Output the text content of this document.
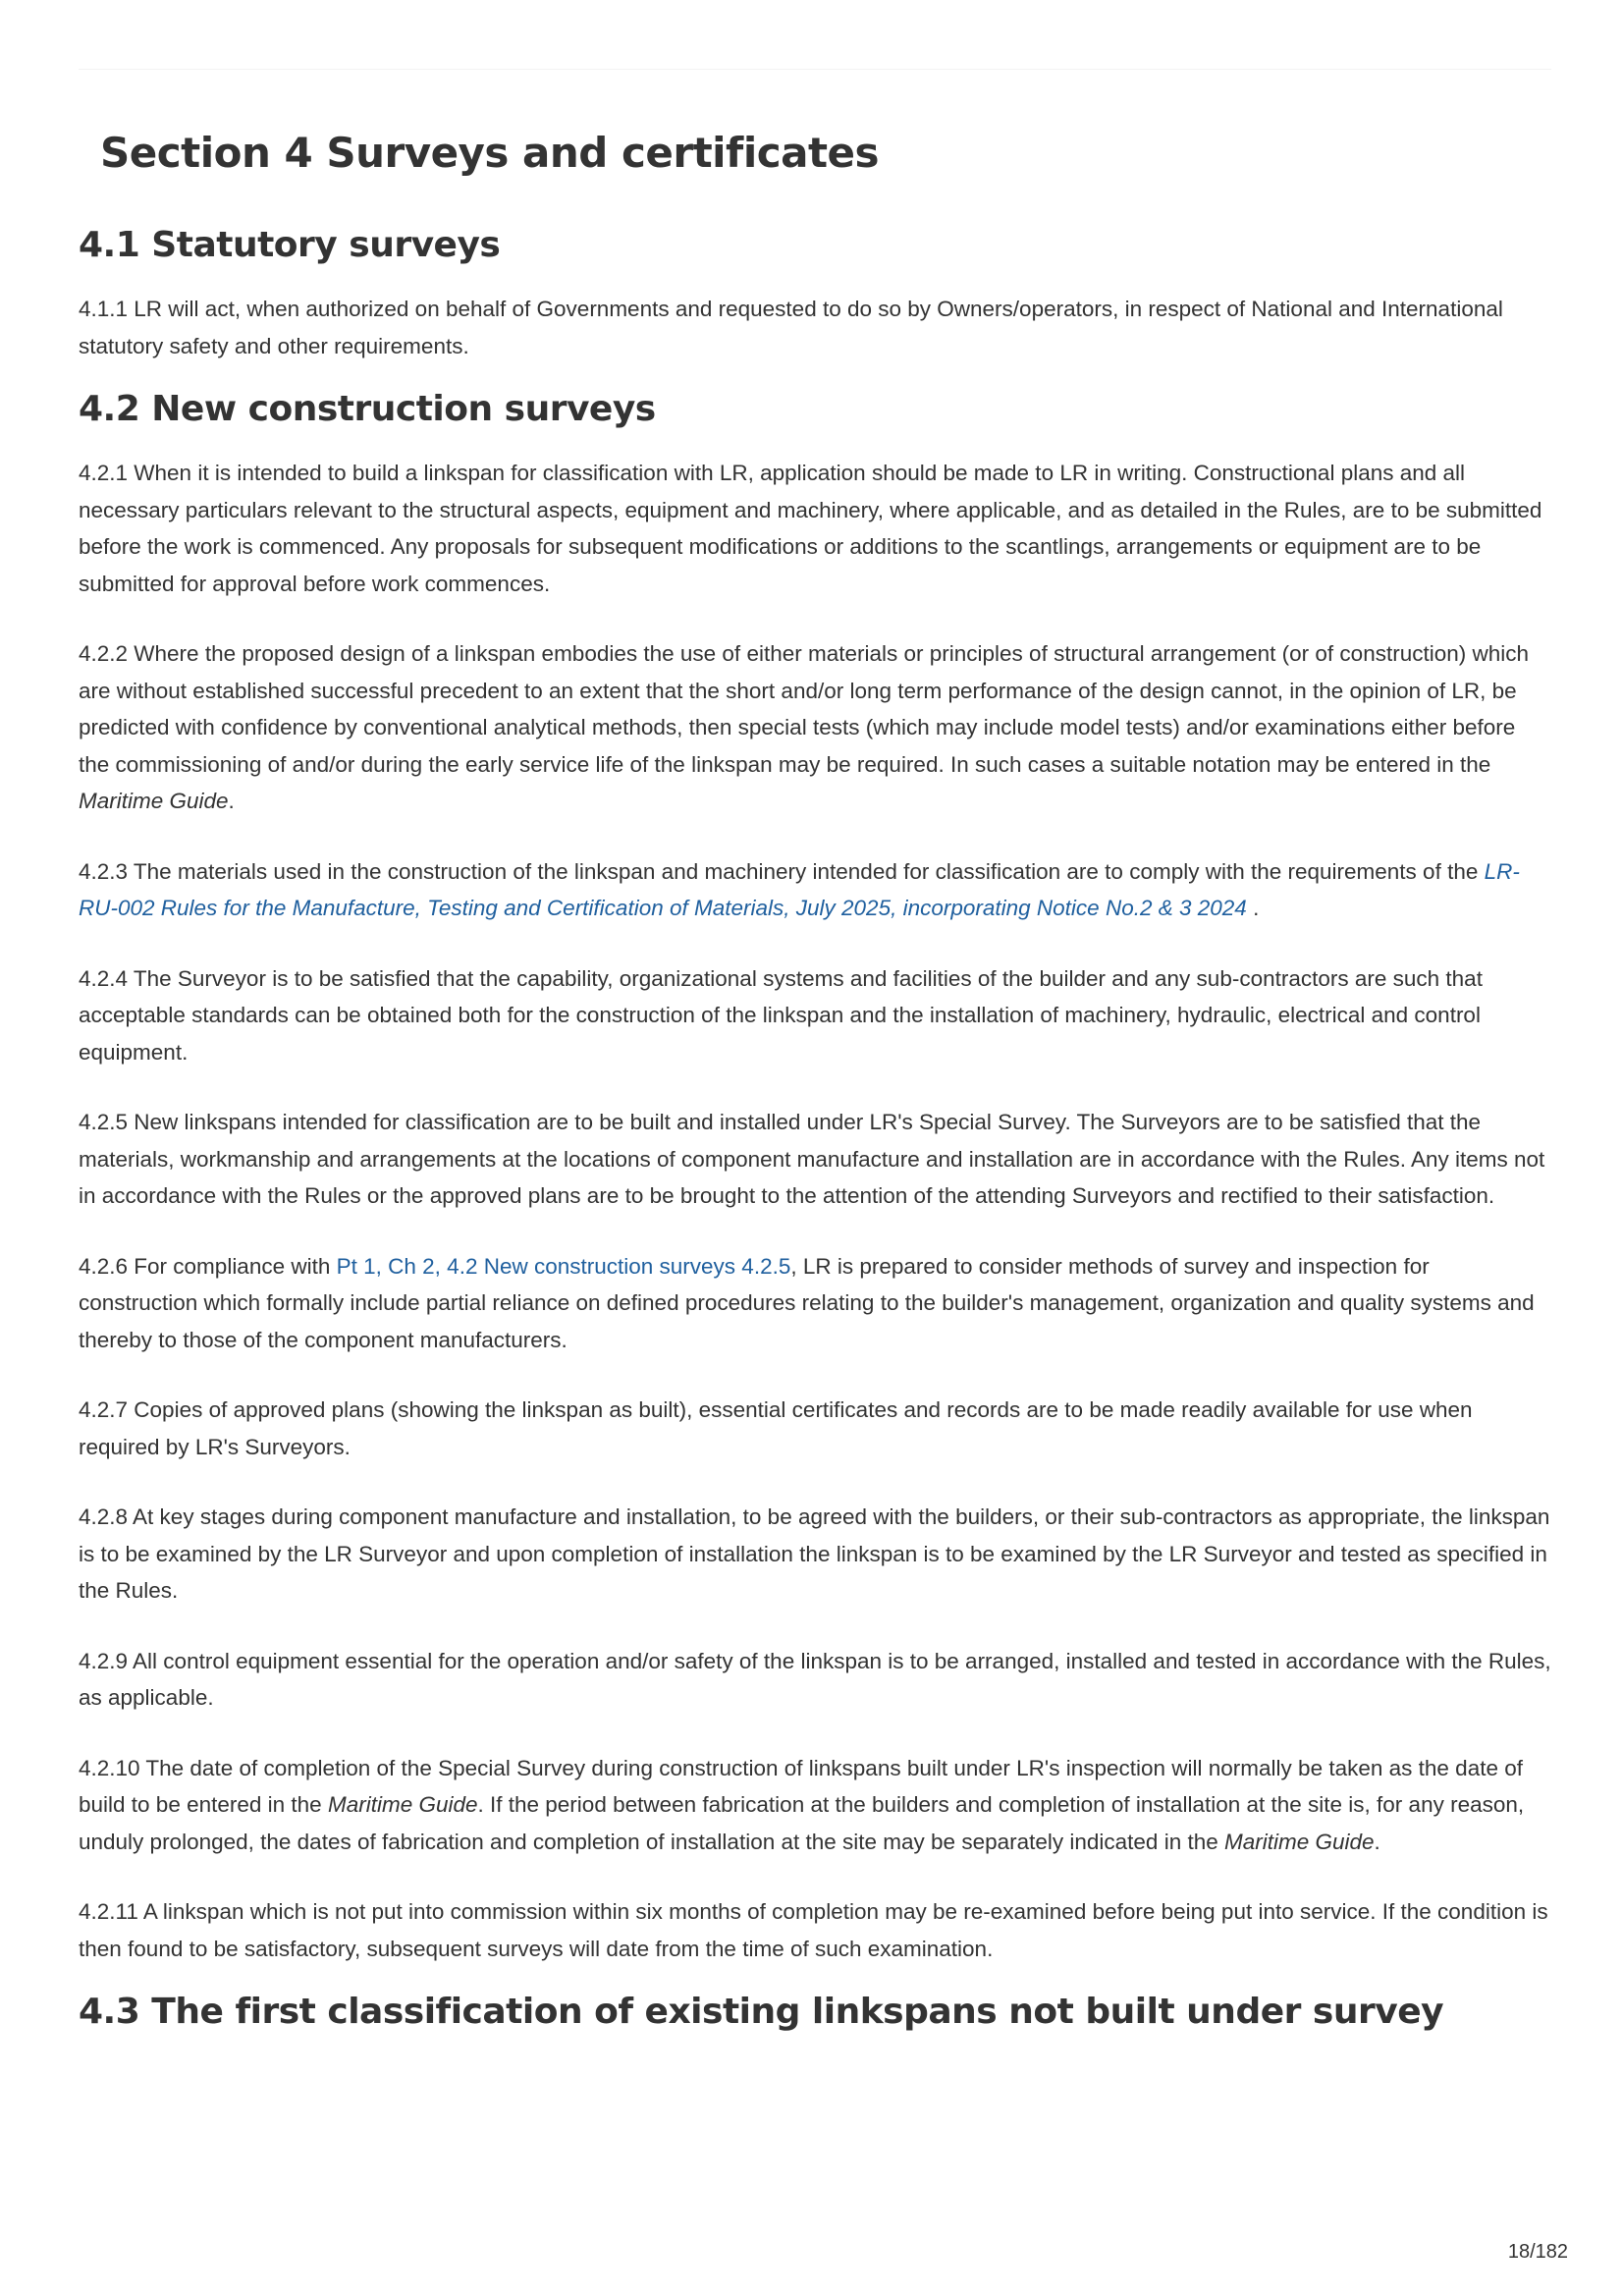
Section 4 Surveys and certificates
4.1 Statutory surveys

4.1.1 LR will act, when authorized on behalf of Governments and requested to do so by Owners/operators, in respect of National and International statutory safety and other requirements.

4.2 New construction surveys

4.2.1 When it is intended to build a linkspan for classification with LR, application should be made to LR in writing. Constructional plans and all necessary particulars relevant to the structural aspects, equipment and machinery, where applicable, and as detailed in the Rules, are to be submitted before the work is commenced. Any proposals for subsequent modifications or additions to the scantlings, arrangements or equipment are to be submitted for approval before work commences.

4.2.2 Where the proposed design of a linkspan embodies the use of either materials or principles of structural arrangement (or of construction) which are without established successful precedent to an extent that the short and/or long term performance of the design cannot, in the opinion of LR, be predicted with confidence by conventional analytical methods, then special tests (which may include model tests) and/or examinations either before the commissioning of and/or during the early service life of the linkspan may be required. In such cases a suitable notation may be entered in the Maritime Guide.

4.2.3 The materials used in the construction of the linkspan and machinery intended for classification are to comply with the requirements of the LR-RU-002 Rules for the Manufacture, Testing and Certification of Materials, July 2025, incorporating Notice No.2 & 3 2024 .

4.2.4 The Surveyor is to be satisfied that the capability, organizational systems and facilities of the builder and any sub-contractors are such that acceptable standards can be obtained both for the construction of the linkspan and the installation of machinery, hydraulic, electrical and control equipment.

4.2.5 New linkspans intended for classification are to be built and installed under LR's Special Survey. The Surveyors are to be satisfied that the materials, workmanship and arrangements at the locations of component manufacture and installation are in accordance with the Rules. Any items not in accordance with the Rules or the approved plans are to be brought to the attention of the attending Surveyors and rectified to their satisfaction.

4.2.6 For compliance with Pt 1, Ch 2, 4.2 New construction surveys 4.2.5, LR is prepared to consider methods of survey and inspection for construction which formally include partial reliance on defined procedures relating to the builder's management, organization and quality systems and thereby to those of the component manufacturers.

4.2.7 Copies of approved plans (showing the linkspan as built), essential certificates and records are to be made readily available for use when required by LR's Surveyors.

4.2.8 At key stages during component manufacture and installation, to be agreed with the builders, or their sub-contractors as appropriate, the linkspan is to be examined by the LR Surveyor and upon completion of installation the linkspan is to be examined by the LR Surveyor and tested as specified in the Rules.

4.2.9 All control equipment essential for the operation and/or safety of the linkspan is to be arranged, installed and tested in accordance with the Rules, as applicable.

4.2.10 The date of completion of the Special Survey during construction of linkspans built under LR's inspection will normally be taken as the date of build to be entered in the Maritime Guide. If the period between fabrication at the builders and completion of installation at the site is, for any reason, unduly prolonged, the dates of fabrication and completion of installation at the site may be separately indicated in the Maritime Guide.

4.2.11 A linkspan which is not put into commission within six months of completion may be re-examined before being put into service. If the condition is then found to be satisfactory, subsequent surveys will date from the time of such examination.

4.3 The first classification of existing linkspans not built under survey
18/182
